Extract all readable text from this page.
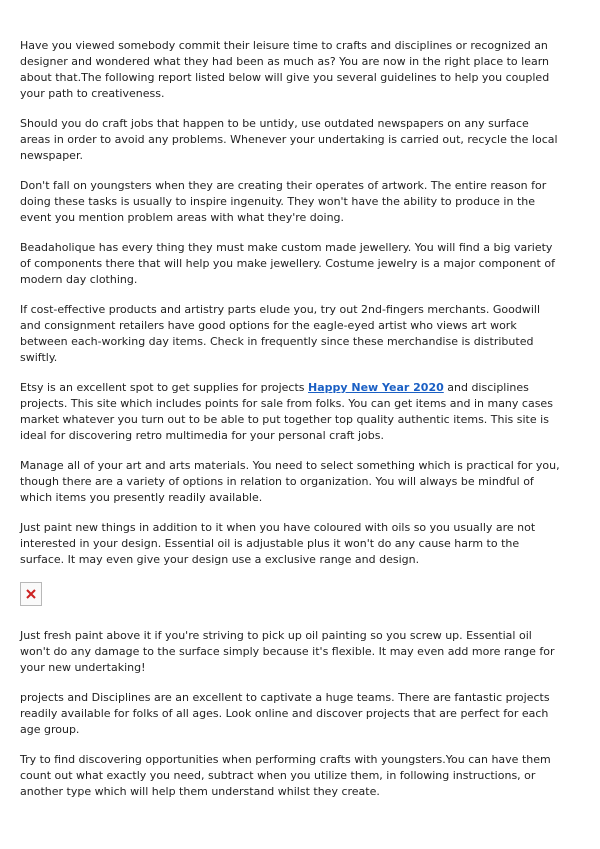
Have you viewed somebody commit their leisure time to crafts and disciplines or recognized an designer and wondered what they had been as much as? You are now in the right place to learn about that.The following report listed below will give you several guidelines to help you coupled your path to creativeness.

Should you do craft jobs that happen to be untidy, use outdated newspapers on any surface areas in order to avoid any problems. Whenever your undertaking is carried out, recycle the local newspaper.

Don't fall on youngsters when they are creating their operates of artwork. The entire reason for doing these tasks is usually to inspire ingenuity. They won't have the ability to produce in the event you mention problem areas with what they're doing.

Beadaholique has every thing they must make custom made jewellery. You will find a big variety of components there that will help you make jewellery. Costume jewelry is a major component of modern day clothing.

If cost-effective products and artistry parts elude you, try out 2nd-fingers merchants. Goodwill and consignment retailers have good options for the eagle-eyed artist who views art work between each-working day items. Check in frequently since these merchandise is distributed swiftly.

Etsy is an excellent spot to get supplies for projects Happy New Year 2020 and disciplines projects. This site which includes points for sale from folks. You can get items and in many cases market whatever you turn out to be able to put together top quality authentic items. This site is ideal for discovering retro multimedia for your personal craft jobs.

Manage all of your art and arts materials. You need to select something which is practical for you, though there are a variety of options in relation to organization. You will always be mindful of which items you presently readily available.

Just paint new things in addition to it when you have coloured with oils so you usually are not interested in your design. Essential oil is adjustable plus it won't do any cause harm to the surface. It may even give your design use a exclusive range and design.

Just fresh paint above it if you're striving to pick up oil painting so you screw up. Essential oil won't do any damage to the surface simply because it's flexible. It may even add more range for your new undertaking!

projects and Disciplines are an excellent to captivate a huge teams. There are fantastic projects readily available for folks of all ages. Look online and discover projects that are perfect for each age group.

Try to find discovering opportunities when performing crafts with youngsters.You can have them count out what exactly you need, subtract when you utilize them, in following instructions, or another type which will help them understand whilst they create.
